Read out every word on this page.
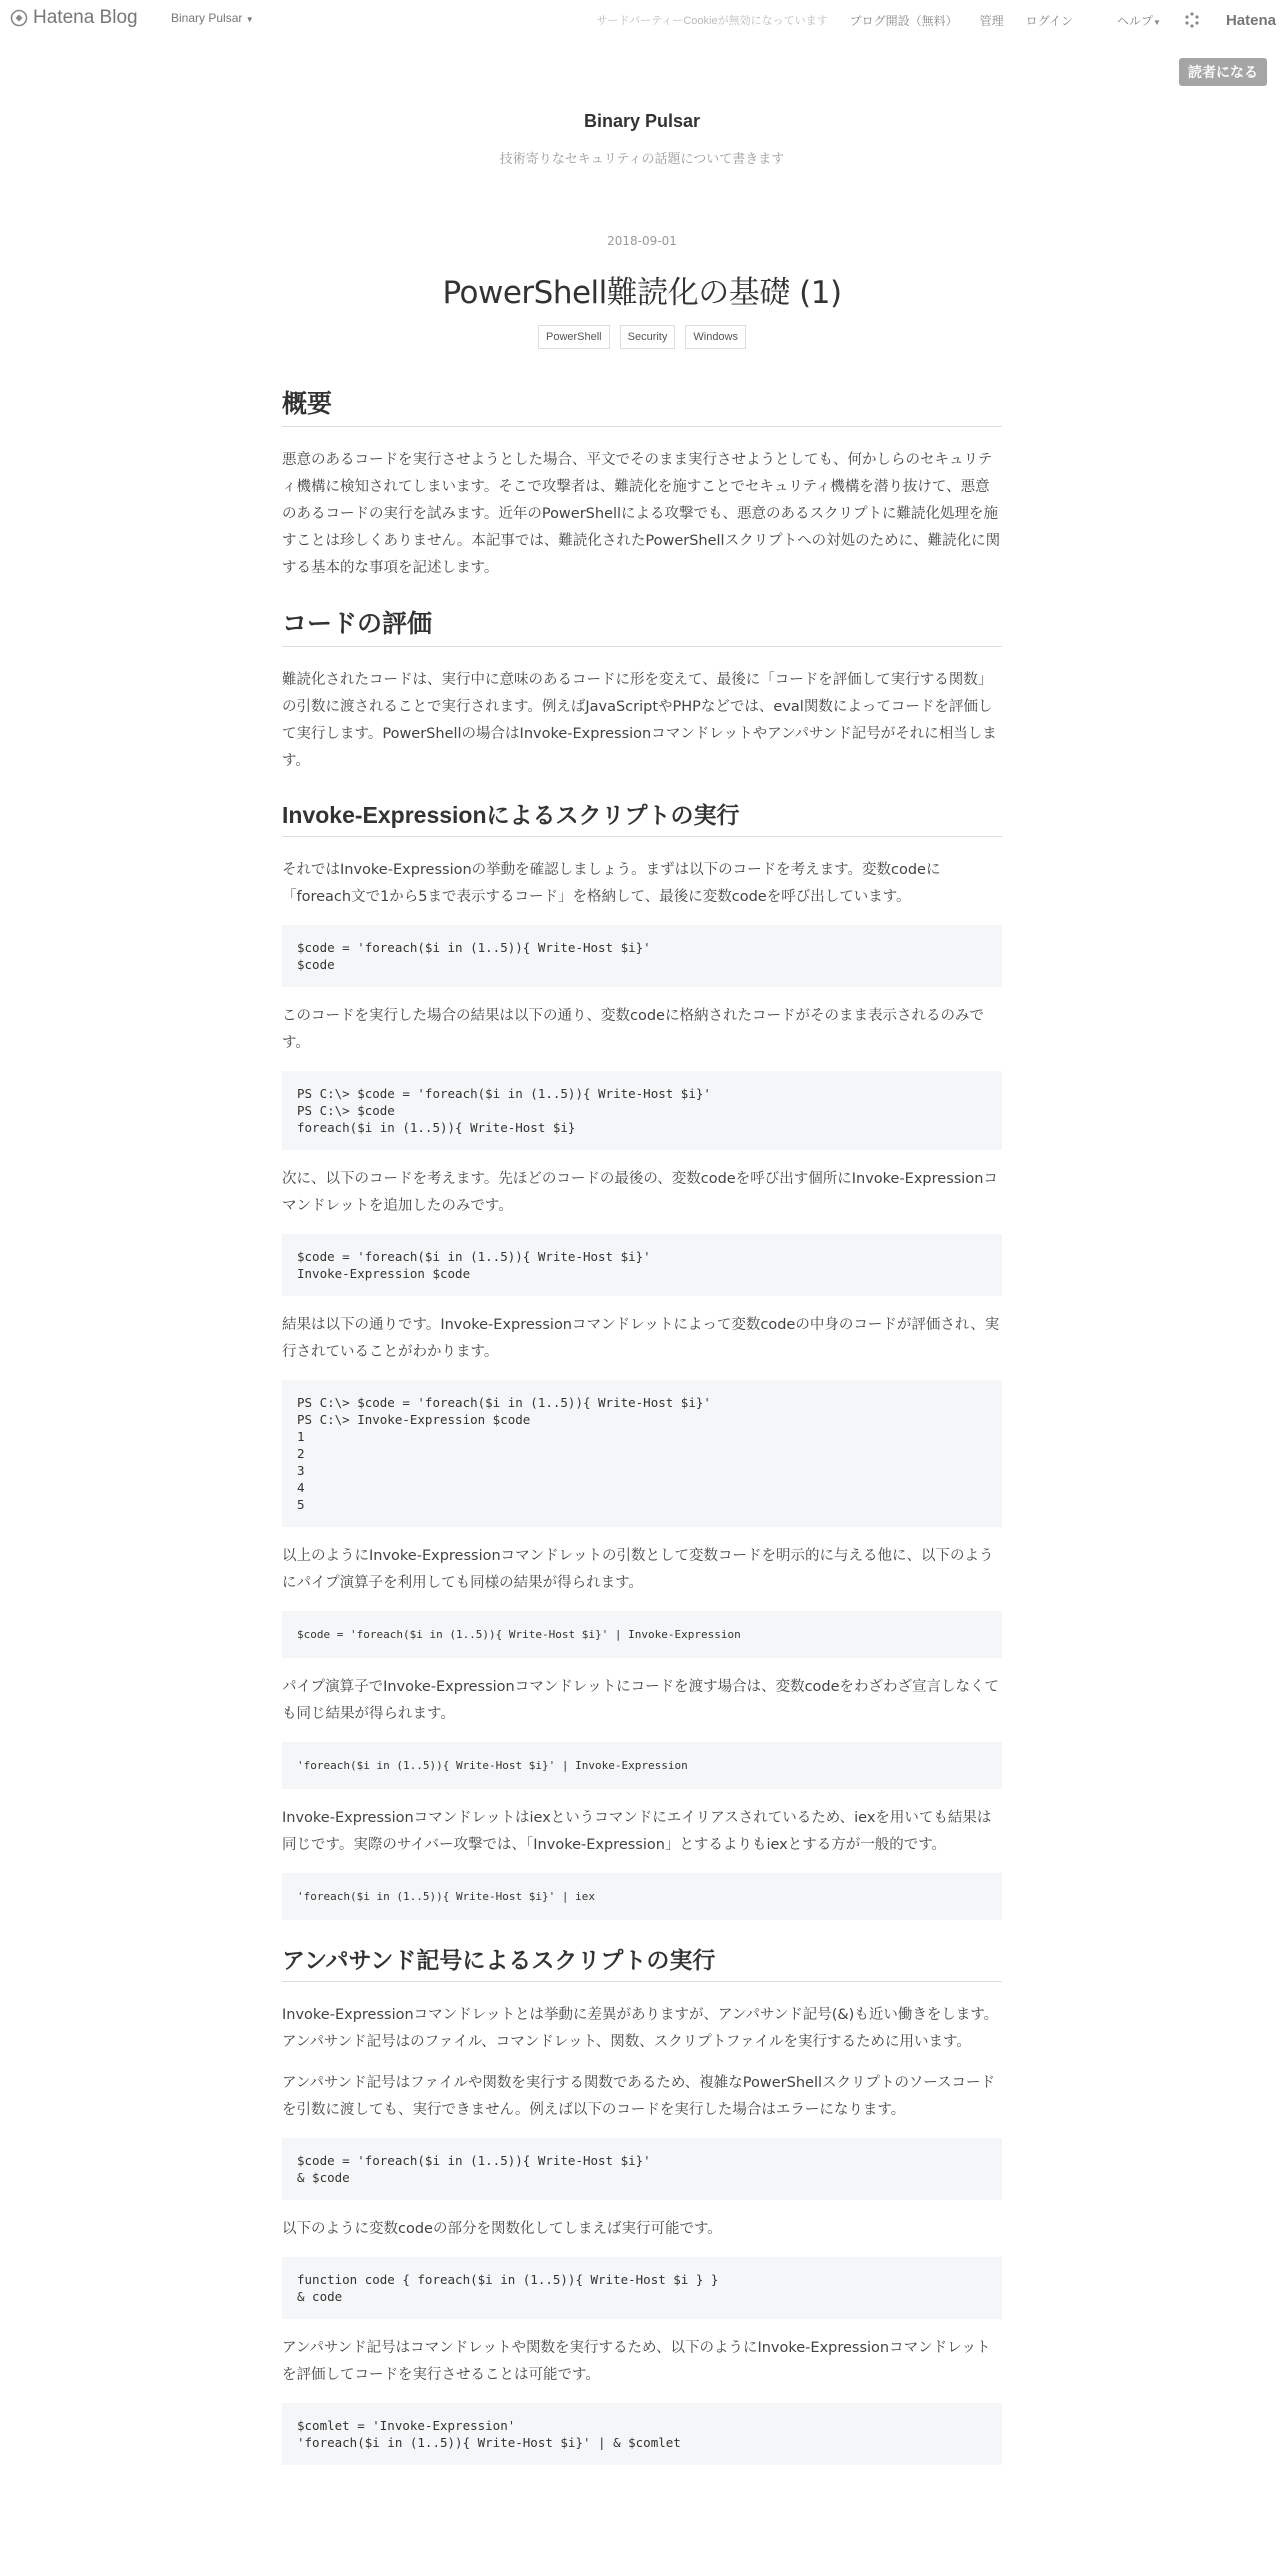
Hatena Blog	Binary Pulsar ▼	サードパーティーCookieが無効になっています ブログ開設（無料） 管理 ログイン	ヘルプ▼	Hatena
読者になる
Binary Pulsar
技術寄りなセキュリティの話題について書きます
2018-09-01
PowerShell難読化の基礎 (1)
PowerShell	Security	Windows
概要

悪意のあるコードを実行させようとした場合、平文でそのまま実行させようとしても、何かしらのセキュリティ機構に検知されてしまいます。そこで攻撃者は、難読化を施すことでセキュリティ機構を潜り抜けて、悪意のあるコードの実行を試みます。近年のPowerShellによる攻撃でも、悪意のあるスクリプトに難読化処理を施すことは珍しくありません。本記事では、難読化されたPowerShellスクリプトへの対処のために、難読化に関する基本的な事項を記述します。

コードの評価

難読化されたコードは、実行中に意味のあるコードに形を変えて、最後に「コードを評価して実行する関数」の引数に渡されることで実行されます。例えばJavaScriptやPHPなどでは、eval関数によってコードを評価して実行します。PowerShellの場合はInvoke-Expressionコマンドレットやアンパサンド記号がそれに相当します。

Invoke-Expressionによるスクリプトの実行

それではInvoke-Expressionの挙動を確認しましょう。まずは以下のコードを考えます。変数codeに「foreach文で1から5まで表示するコード」を格納して、最後に変数codeを呼び出しています。

$code = 'foreach($i in (1..5)){ Write-Host $i}'
$code

このコードを実行した場合の結果は以下の通り、変数codeに格納されたコードがそのまま表示されるのみです。

PS C:\> $code = 'foreach($i in (1..5)){ Write-Host $i}'
PS C:\> $code
foreach($i in (1..5)){ Write-Host $i}

次に、以下のコードを考えます。先ほどのコードの最後の、変数codeを呼び出す個所にInvoke-Expressionコマンドレットを追加したのみです。

$code = 'foreach($i in (1..5)){ Write-Host $i}'
Invoke-Expression $code

結果は以下の通りです。Invoke-Expressionコマンドレットによって変数codeの中身のコードが評価され、実行されていることがわかります。

PS C:\> $code = 'foreach($i in (1..5)){ Write-Host $i}'
PS C:\> Invoke-Expression $code
1
2
3
4
5

以上のようにInvoke-Expressionコマンドレットの引数として変数コードを明示的に与える他に、以下のようにパイプ演算子を利用しても同様の結果が得られます。

$code = 'foreach($i in (1..5)){ Write-Host $i}' | Invoke-Expression

パイプ演算子でInvoke-Expressionコマンドレットにコードを渡す場合は、変数codeをわざわざ宣言しなくても同じ結果が得られます。

'foreach($i in (1..5)){ Write-Host $i}' | Invoke-Expression

Invoke-Expressionコマンドレットはiexというコマンドにエイリアスされているため、iexを用いても結果は同じです。実際のサイバー攻撃では、「Invoke-Expression」とするよりもiexとする方が一般的です。

'foreach($i in (1..5)){ Write-Host $i}' | iex
アンパサンド記号によるスクリプトの実行

Invoke-Expressionコマンドレットとは挙動に差異がありますが、アンパサンド記号(&)も近い働きをします。アンパサンド記号はのファイル、コマンドレット、関数、スクリプトファイルを実行するために用います。

アンパサンド記号はファイルや関数を実行する関数であるため、複雑なPowerShellスクリプトのソースコードを引数に渡しても、実行できません。例えば以下のコードを実行した場合はエラーになります。

$code = 'foreach($i in (1..5)){ Write-Host $i}'
& $code

以下のように変数codeの部分を関数化してしまえば実行可能です。

function code { foreach($i in (1..5)){ Write-Host $i } }
& code

アンパサンド記号はコマンドレットや関数を実行するため、以下のようにInvoke-Expressionコマンドレットを評価してコードを実行させることは可能です。

$comlet = 'Invoke-Expression'
'foreach($i in (1..5)){ Write-Host $i}' | & $comlet
